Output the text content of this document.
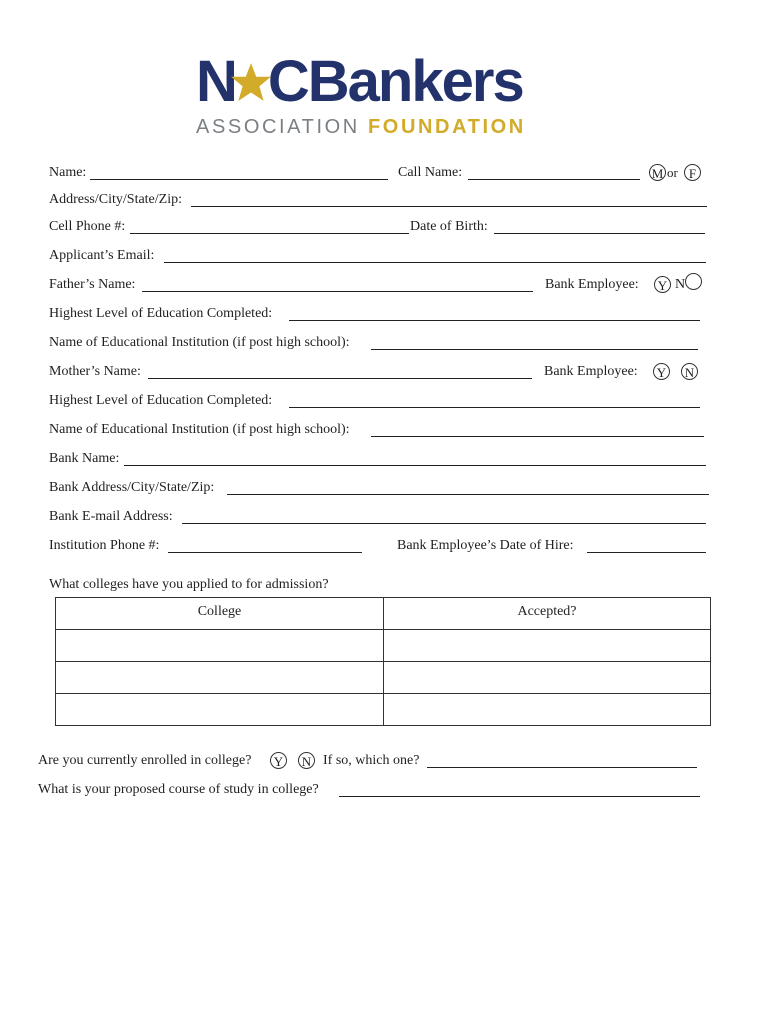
N C Bankers
ASSOCIATION FOUNDATION
Name:	Call Name:	M or F
Address/City/State/Zip:
Cell Phone #:	Date of Birth:
Applicant’s Email:
Father’s Name:	Bank Employee: Y N
Highest Level of Education Completed:
Name of Educational Institution (if post high school):
Mother’s Name:	Bank Employee: Y N
Highest Level of Education Completed:
Name of Educational Institution (if post high school):
Bank Name:
Bank Address/City/State/Zip:
Bank E-mail Address:
Institution Phone #:	Bank Employee’s Date of Hire:
What colleges have you applied to for admission?
College	Accepted?

Are you currently enrolled in college? Y N If so, which one?
What is your proposed course of study in college?
